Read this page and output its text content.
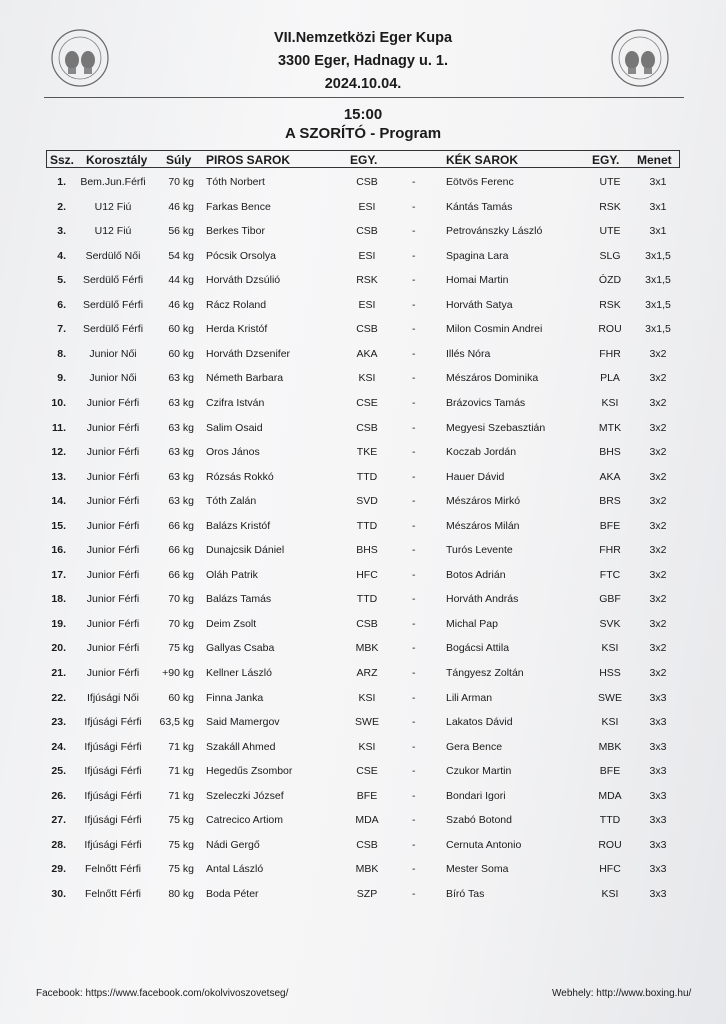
VII.Nemzetközi Eger Kupa
3300 Eger, Hadnagy u. 1.
2024.10.04.
15:00
A SZORÍTÓ - Program
Ssz. Korosztály Súly PIROS SAROK	EGY.	KÉK SAROK	EGY. Menet
1.	Bem.Jun.Férfi	70 kg Tóth Norbert	CSB	-	Eötvös Ferenc	UTE	3x1
2.	U12 Fiú	46 kg Farkas Bence	ESI	-	Kántás Tamás	RSK	3x1
3.	U12 Fiú	56 kg Berkes Tibor	CSB	-	Petrovánszky László	UTE	3x1
4.	Serdülő Női	54 kg Pócsik Orsolya	ESI	-	Spagina Lara	SLG	3x1,5
5.	Serdülő Férfi	44 kg Horváth Dzsúlió	RSK	-	Homai Martin	ÓZD	3x1,5
6.	Serdülő Férfi	46 kg Rácz Roland	ESI	-	Horváth Satya	RSK	3x1,5
7.	Serdülő Férfi	60 kg Herda Kristóf	CSB	-	Milon Cosmin Andrei	ROU	3x1,5
8.	Junior Női	60 kg Horváth Dzsenifer	AKA	-	Illés Nóra	FHR	3x2
9.	Junior Női	63 kg Németh Barbara	KSI	-	Mészáros Dominika	PLA	3x2
10.	Junior Férfi	63 kg Czifra István	CSE	-	Brázovics Tamás	KSI	3x2
11.	Junior Férfi	63 kg Salim Osaid	CSB	-	Megyesi Szebasztián	MTK	3x2
12.	Junior Férfi	63 kg Oros János	TKE	-	Koczab Jordán	BHS	3x2
13.	Junior Férfi	63 kg Rózsás Rokkó	TTD	-	Hauer Dávid	AKA	3x2
14.	Junior Férfi	63 kg Tóth Zalán	SVD	-	Mészáros Mirkó	BRS	3x2
15.	Junior Férfi	66 kg Balázs Kristóf	TTD	-	Mészáros Milán	BFE	3x2
16.	Junior Férfi	66 kg Dunajcsik Dániel	BHS	-	Turós Levente	FHR	3x2
17.	Junior Férfi	66 kg Oláh Patrik	HFC	-	Botos Adrián	FTC	3x2
18.	Junior Férfi	70 kg Balázs Tamás	TTD	-	Horváth András	GBF	3x2
19.	Junior Férfi	70 kg Deim Zsolt	CSB	-	Michal Pap	SVK	3x2
20.	Junior Férfi	75 kg Gallyas Csaba	MBK	-	Bogácsi Attila	KSI	3x2
21.	Junior Férfi	+90 kg Kellner László	ARZ	-	Tángyesz Zoltán	HSS	3x2
22.	Ifjúsági Női	60 kg Finna Janka	KSI	-	Lili Arman	SWE	3x3
23.	Ifjúsági Férfi	63,5 kg Said Mamergov	SWE	-	Lakatos Dávid	KSI	3x3
24.	Ifjúsági Férfi	71 kg Szakáll Ahmed	KSI	-	Gera Bence	MBK	3x3
25.	Ifjúsági Férfi	71 kg Hegedűs Zsombor	CSE	-	Czukor Martin	BFE	3x3
26.	Ifjúsági Férfi	71 kg Szeleczki József	BFE	-	Bondari Igori	MDA	3x3
27.	Ifjúsági Férfi	75 kg Catrecico Artiom	MDA	-	Szabó Botond	TTD	3x3
28.	Ifjúsági Férfi	75 kg Nádi Gergő	CSB	-	Cernuta Antonio	ROU	3x3
29.	Felnőtt Férfi	75 kg Antal László	MBK	-	Mester Soma	HFC	3x3
30.	Felnőtt Férfi	80 kg Boda Péter	SZP	-	Bíró Tas	KSI	3x3
Facebook: https://www.facebook.com/okolvivoszovetseg/	Webhely: http://www.boxing.hu/
